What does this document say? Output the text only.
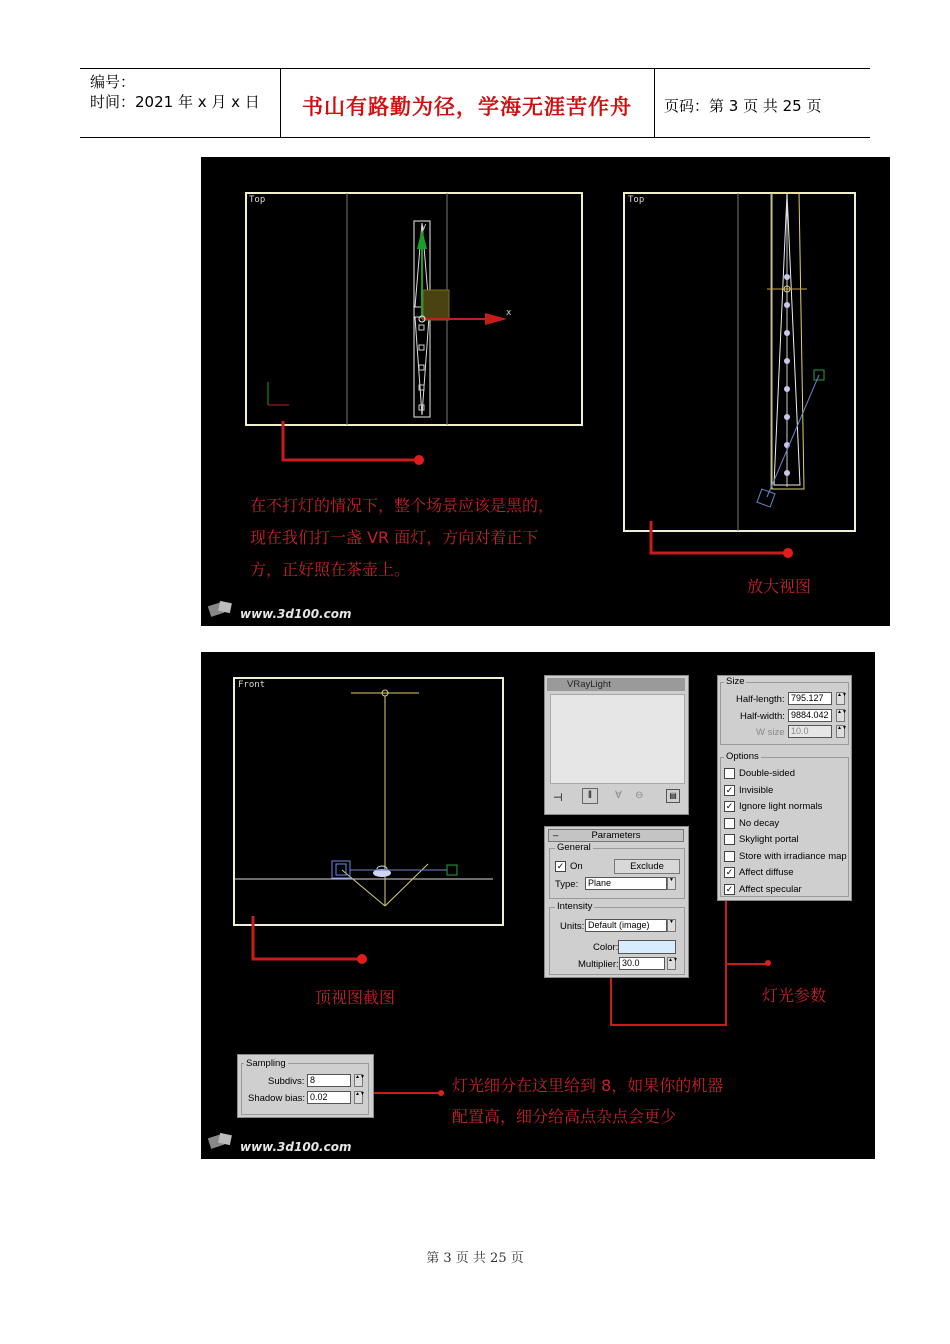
编号：
时间：2021 年 x 月 x 日 书山有路勤为径，学海无涯苦作舟 页码：第 3 页 共 25 页
Top	Top
y
x
在不打灯的情况下，整个场景应该是黑的，
现在我们打一盏 VR 面灯，方向对着正下
方，正好照在茶壶上。
放大视图
www.3d100.com
Front
顶视图截图
VRayLight
⊣	‖	∀ ⊖	▤
–	Parameters
General
✓ On	Exclude
Type:	Plane	▼
Intensity
Units: Default (image)	▼
Color:
Multiplier: 30.0	▲▼
Size
Half-length: 795.127	▲▼
Half-width: 9884.042	▲▼
W size 10.0	▲▼
Options
Double-sided
✓ Invisible
✓ Ignore light normals
No decay
Skylight portal
Store with irradiance map
✓ Affect diffuse
✓ Affect specular
灯光参数
Sampling
Subdivs: 8	▲▼
Shadow bias: 0.02	▲▼	灯光细分在这里给到 8，如果你的机器
配置高，细分给高点杂点会更少
www.3d100.com
第 3 页 共 25 页
